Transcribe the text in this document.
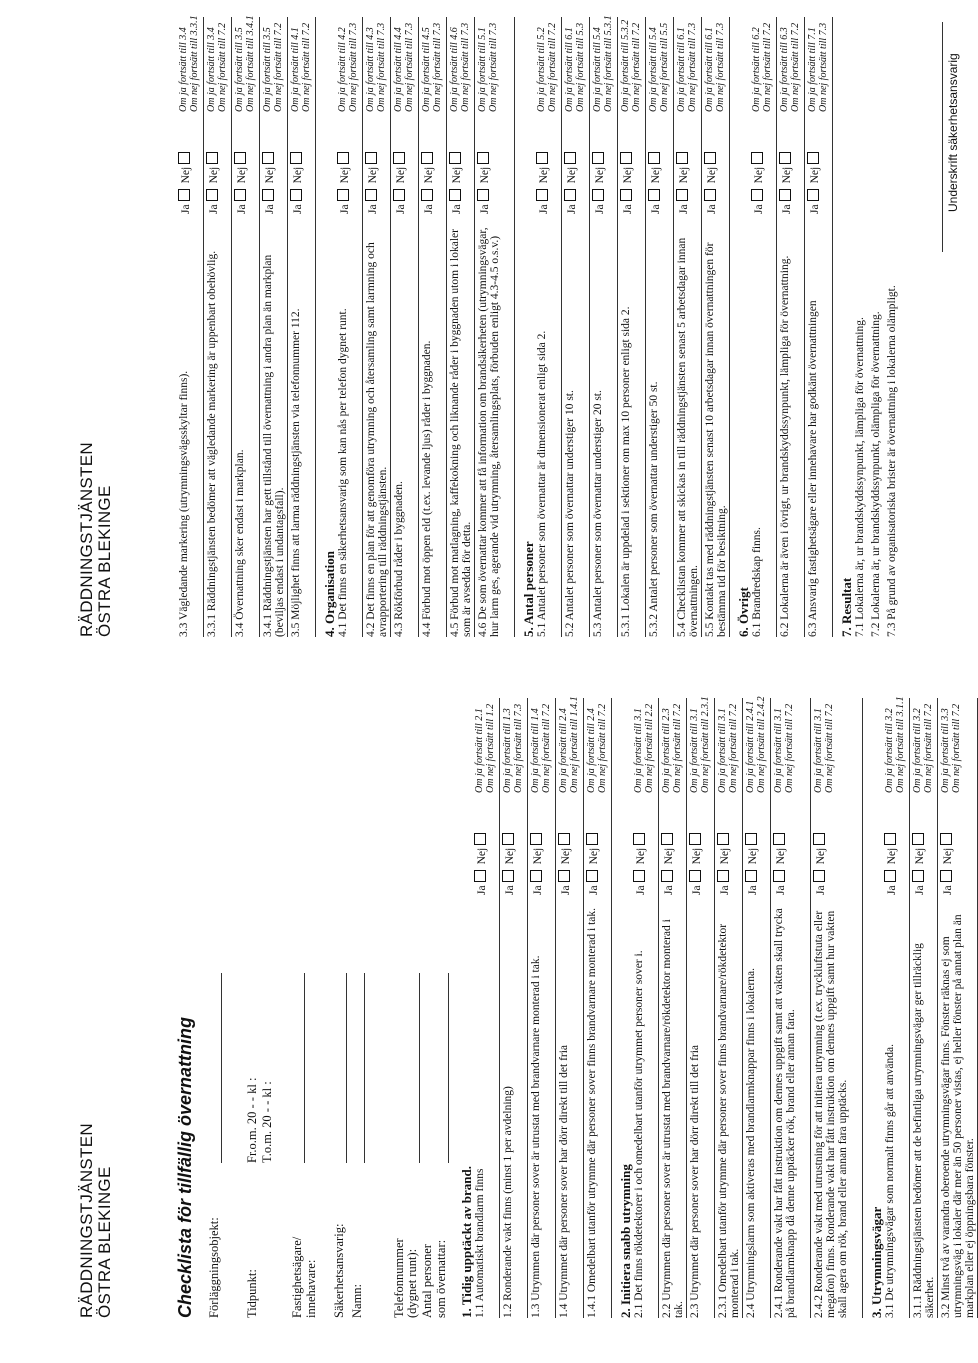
RÄDDNINGSTJÄNSTEN ÖSTRA BLEKINGE	Checklista för tillfällig övernattning Förläggningsobjekt: Tidpunkt:
Fr.o.m. 20 - - kl : T.o.m. 20 - - kl :
Fastighetsägare/ innehavare: Säkerhetsansvarig: Namn: Telefonnummer (dygnet runt): Antal personer som övernattar: 1. Tidig upptäckt av brand. 1.1 Automatiskt brandlarm finns
JaNej
Om ja fortsätt till 2.1 Om nej fortsätt till 1.2
1.2 Ronderande vakt finns (minst 1 per avdelning)
JaNej
Om ja fortsätt till 1.3 Om nej fortsätt till 7.3
1.3 Utrymmen där personer sover är utrustat med brandvarnare monterad i tak.
JaNej
Om ja fortsätt till 1.4 Om nej fortsätt till 7.2
1.4 Utrymmet där personer sover har dörr direkt till det fria
JaNej
Om ja fortsätt till 2.4 Om nej fortsätt till 1.4.1
1.4.1 Omedelbart utanför utrymme där personer sover finns brandvarnare monterad i tak.
JaNej
Om ja fortsätt till 2.4 Om nej fortsätt till 7.2
2. Initiera snabb utrymning 2.1 Det finns rökdetektorer i och omedelbart utanför utrymmet personer sover i.
JaNej
Om ja fortsätt till 3.1 Om nej fortsätt till 2.2
2.2 Utrymmen där personer sover är utrustat med brandvarnare/rökdetektor monterad i tak.
JaNej
Om ja fortsätt till 2.3 Om nej fortsätt till 7.2
2.3 Utrymmet där personer sover har dörr direkt till det fria
JaNej
Om ja fortsätt till 3.1 Om nej fortsätt till 2.3.1
2.3.1 Omedelbart utanför utrymme där personer sover finns brandvarnare/rökdetektor monterad i tak.
JaNej
Om ja fortsätt till 3.1 Om nej fortsätt till 7.2
2.4 Utrymningslarm som aktiveras med brandlarmknappar finns i lokalerna.
JaNej
Om ja fortsätt till 2.4.1 Om nej fortsätt till 2.4.2
2.4.1 Ronderande vakt har fått instruktion om dennes uppgift samt att vakten skall trycka på brandlarmknapp då denne upptäcker rök, brand eller annan fara.
JaNej
Om ja fortsätt till 3.1 Om nej fortsätt till 7.2
2.4.2 Ronderande vakt med utrustning för att initiera utrymning (t.ex. tryckluftstuta eller megafon) finns. Ronderande vakt har fått instruktion om dennes uppgift samt hur vakten skall agera om rök, brand eller annan fara upptäcks.
JaNej
Om ja fortsätt till 3.1 Om nej fortsätt till 7.2
3. Utrymningsvägar 3.1 De utrymningsvägar som normalt finns går att använda.
JaNej
Om ja fortsätt till 3.2 Om nej fortsätt till 3.1.1
3.1.1 Räddningstjänsten bedömer att de befintliga utrymningsvägar ger tillräcklig säkerhet.
JaNej
Om ja fortsätt till 3.2 Om nej fortsätt till 7.2
3.2 Minst två av varandra oberoende utrymningsvägar finns. Fönster räknas ej som utrymningsväg i lokaler där mer än 50 personer vistas, ej heller fönster på annat plan än markplan eller ej öppningsbara fönster.
JaNej
Om ja fortsätt till 3.3 Om nej fortsätt till 7.2
RÄDDNINGSTJÄNSTEN ÖSTRA BLEKINGE	3.3 Vägledande markering (utrymningsvägsskyltar finns).
JaNej
Om ja fortsätt till 3.4 Om nej fortsätt till 3.3.1
3.3.1 Räddningstjänsten bedömer att vägledande markering är uppenbart obehövlig.
JaNej
Om ja fortsätt till 3.4 Om nej fortsätt till 7.2
3.4 Övernattning sker endast i markplan.
JaNej
Om ja fortsätt till 3.5 Om nej fortsätt till 3.4.1
3.4.1 Räddningstjänsten har gett tillstånd till övernattning i andra plan än markplan (beviljas endast i undantagsfall).
JaNej
Om ja fortsätt till 3.5 Om nej fortsätt till 7.2
3.5 Möjlighet finns att larma räddningstjänsten via telefonnummer 112.
JaNej
Om ja fortsätt till 4.1 Om nej fortsätt till 7.2
4. Organisation 4.1 Det finns en säkerhetsansvarig som kan nås per telefon dygnet runt.
JaNej
Om ja fortsätt till 4.2 Om nej fortsätt till 7.3
4.2 Det finns en plan för att genomföra utrymning och återsamling samt larmning och avrapportering till räddningstjänsten.
JaNej
Om ja fortsätt till 4.3 Om nej fortsätt till 7.3
4.3 Rökförbud råder i byggnaden.
JaNej
Om ja fortsätt till 4.4 Om nej fortsätt till 7.3
4.4 Förbud mot öppen eld (t.ex. levande ljus) råder i byggnaden.
JaNej
Om ja fortsätt till 4.5 Om nej fortsätt till 7.3
4.5 Förbud mot matlagning, kaffekokning och liknande råder i byggnaden utom i lokaler som är avsedda för detta.
JaNej
Om ja fortsätt till 4.6 Om nej fortsätt till 7.3
4.6 De som övernattar kommer att få information om brandsäkerheten (utrymningsvägar, hur larm ges, agerande vid utrymning, återsamlingsplats, förbuden enligt 4.3-4.5 o.s.v.)
JaNej
Om ja fortsätt till 5.1 Om nej fortsätt till 7.3
5. Antal personer 5.1 Antalet personer som övernattar är dimensionerat enligt sida 2.
JaNej
Om ja fortsätt till 5.2 Om nej fortsätt till 7.2
5.2 Antalet personer som övernattar understiger 10 st.
JaNej
Om ja fortsätt till 6.1 Om nej fortsätt till 5.3
5.3 Antalet personer som övernattar understiger 20 st.
JaNej
Om ja fortsätt till 5.4 Om nej fortsätt till 5.3.1
5.3.1 Lokalen är uppdelad i sektioner om max 10 personer enligt sida 2.
JaNej
Om ja fortsätt till 5.3.2 Om nej fortsätt till 7.2
5.3.2 Antalet personer som övernattar understiger 50 st.
JaNej
Om ja fortsätt till 5.4 Om nej fortsätt till 5.5
5.4 Checklistan kommer att skickas in till räddningstjänsten senast 5 arbetsdagar innan övernattningen.
JaNej
Om ja fortsätt till 6.1 Om nej fortsätt till 7.3
5.5 Kontakt tas med räddningstjänsten senast 10 arbetsdagar innan övernattningen för bestämma tid för besiktning.
JaNej
Om ja fortsätt till 6.1 Om nej fortsätt till 7.3
6. Övrigt 6.1 Brandredskap finns.
JaNej
Om ja fortsätt till 6.2 Om nej fortsätt till 7.2
6.2 Lokalerna är även i övrigt, ur brandskyddssynpunkt, lämpliga för övernattning.
JaNej
Om ja fortsätt till 6.3 Om nej fortsätt till 7.2
6.3 Ansvarig fastighetsägare eller innehavare har godkänt övernattningen
JaNej
Om ja fortsätt till 7.1 Om nej fortsätt till 7.3
7. Resultat 7.1 Lokalerna är, ur brandskyddssynpunkt, lämpliga för övernattning. 7.2 Lokalerna är, ur brandskyddssynpunkt, olämpliga för övernattning. 7.3 På grund av organisatoriska brister är övernattning i lokalerna olämpligt.
Underskrift säkerhetsansvarig
